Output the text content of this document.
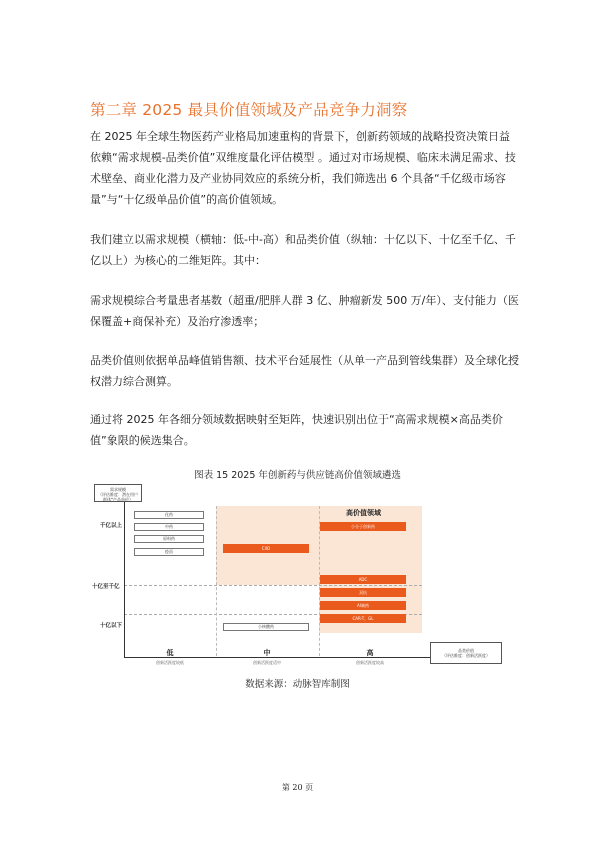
第二章 2025 最具价值领域及产品竞争力洞察

在 2025 年全球生物医药产业格局加速重构的背景下，创新药领域的战略投资决策日益依赖“需求规模-品类价值”双维度量化评估模型 。通过对市场规模、临床未满足需求、技术壁垒、商业化潜力及产业协同效应的系统分析，我们筛选出 6 个具备“千亿级市场容量”与“十亿级单品价值”的高价值领域。

我们建立以需求规模（横轴：低-中-高）和品类价值（纵轴：十亿以下、十亿至千亿、千亿以上）为核心的二维矩阵。其中：

需求规模综合考量患者基数（超重/肥胖人群 3 亿、肿瘤新发 500 万/年）、支付能力（医保覆盖+商保补充）及治疗渗透率；

品类价值则依据单品峰值销售额、技术平台延展性（从单一产品到管线集群）及全球化授权潜力综合测算。

通过将 2025 年各细分领域数据映射至矩阵，快速识别出位于“高需求规模×高品类价值”象限的候选集合。

图表 15 2025 年创新药与供应链高价值领域遴选
需求规模
（评估维度：潜在用户群体*产品单价）
千亿以上
十亿至千亿
十亿以下
化药
中药
原料药
疫苗
CXO
小核酸药
高价值领域
小分子创新药
ADC
双抗
AI制药
CAR-T、GL
低	中	高
创新活跃度较低	创新活跃度适中	创新活跃度较高
品类价值
（评估维度：创新活跃度）
数据来源：动脉智库制图
第 20 页
